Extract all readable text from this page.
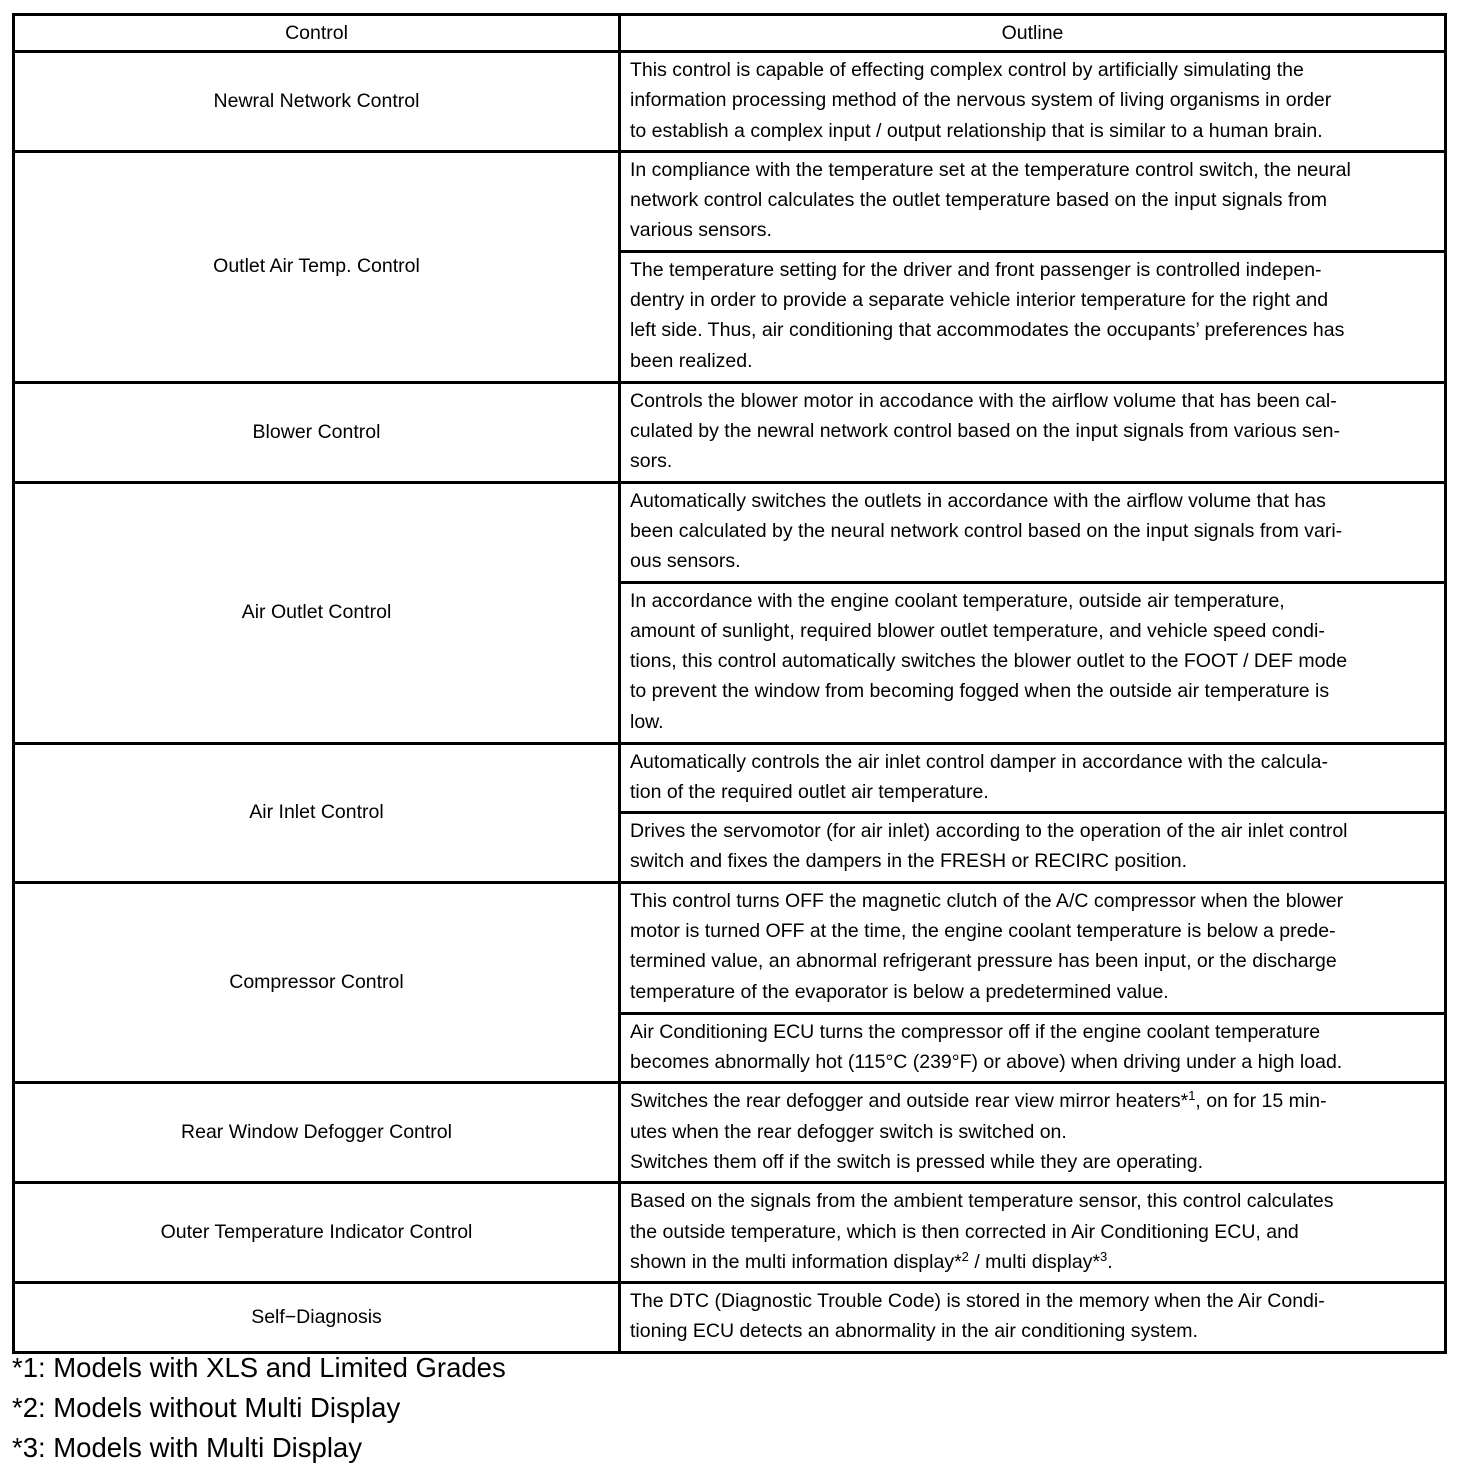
Control	Outline
Newral Network Control	This control is capable of effecting complex control by artificially simulating the
information processing method of the nervous system of living organisms in order
to establish a complex input / output relationship that is similar to a human brain.
Outlet Air Temp. Control	In compliance with the temperature set at the temperature control switch, the neural
network control calculates the outlet temperature based on the input signals from
various sensors.
	The temperature setting for the driver and front passenger is controlled indepen-
dentry in order to provide a separate vehicle interior temperature for the right and
left side. Thus, air conditioning that accommodates the occupants’ preferences has
been realized.
Blower Control	Controls the blower motor in accodance with the airflow volume that has been cal-
culated by the newral network control based on the input signals from various sen-
sors.
Air Outlet Control	Automatically switches the outlets in accordance with the airflow volume that has
been calculated by the neural network control based on the input signals from vari-
ous sensors.
	In accordance with the engine coolant temperature, outside air temperature,
amount of sunlight, required blower outlet temperature, and vehicle speed condi-
tions, this control automatically switches the blower outlet to the FOOT / DEF mode
to prevent the window from becoming fogged when the outside air temperature is
low.
Air Inlet Control	Automatically controls the air inlet control damper in accordance with the calcula-
tion of the required outlet air temperature.
	Drives the servomotor (for air inlet) according to the operation of the air inlet control
switch and fixes the dampers in the FRESH or RECIRC position.
Compressor Control	This control turns OFF the magnetic clutch of the A/C compressor when the blower
motor is turned OFF at the time, the engine coolant temperature is below a prede-
termined value, an abnormal refrigerant pressure has been input, or the discharge
temperature of the evaporator is below a predetermined value.
	Air Conditioning ECU turns the compressor off if the engine coolant temperature
becomes abnormally hot (115°C (239°F) or above) when driving under a high load.
Rear Window Defogger Control	Switches the rear defogger and outside rear view mirror heaters*$^1$, on for 15 min-
utes when the rear defogger switch is switched on.
Switches them off if the switch is pressed while they are operating.
Outer Temperature Indicator Control	Based on the signals from the ambient temperature sensor, this control calculates
the outside temperature, which is then corrected in Air Conditioning ECU, and
shown in the multi information display*$^2$ / multi display*$^3$.
Self−Diagnosis	The DTC (Diagnostic Trouble Code) is stored in the memory when the Air Condi-
tioning ECU detects an abnormality in the air conditioning system.
*1: Models with XLS and Limited Grades
*2: Models without Multi Display
*3: Models with Multi Display
